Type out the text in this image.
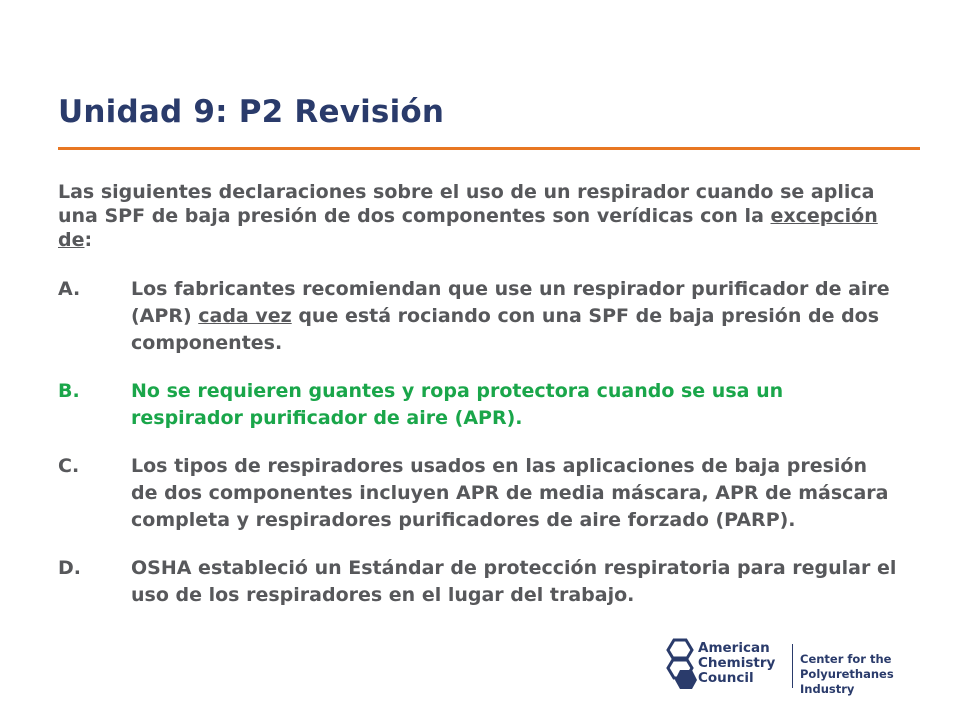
Unidad 9: P2 Revisión

Las siguientes declaraciones sobre el uso de un respirador cuando se aplica una SPF de baja presión de dos componentes son verídicas con la excepción de:

A.	Los fabricantes recomiendan que use un respirador purificador de aire (APR) cada vez que está rociando con una SPF de baja presión de dos componentes.
B.	No se requieren guantes y ropa protectora cuando se usa un respirador purificador de aire (APR).
C.	Los tipos de respiradores usados en las aplicaciones de baja presión de dos componentes incluyen APR de media máscara, APR de máscara completa y respiradores purificadores de aire forzado (PARP).
D.	OSHA estableció un Estándar de protección respiratoria para regular el uso de los respiradores en el lugar del trabajo.
American
Chemistry
Council
Center for the
Polyurethanes Industry
